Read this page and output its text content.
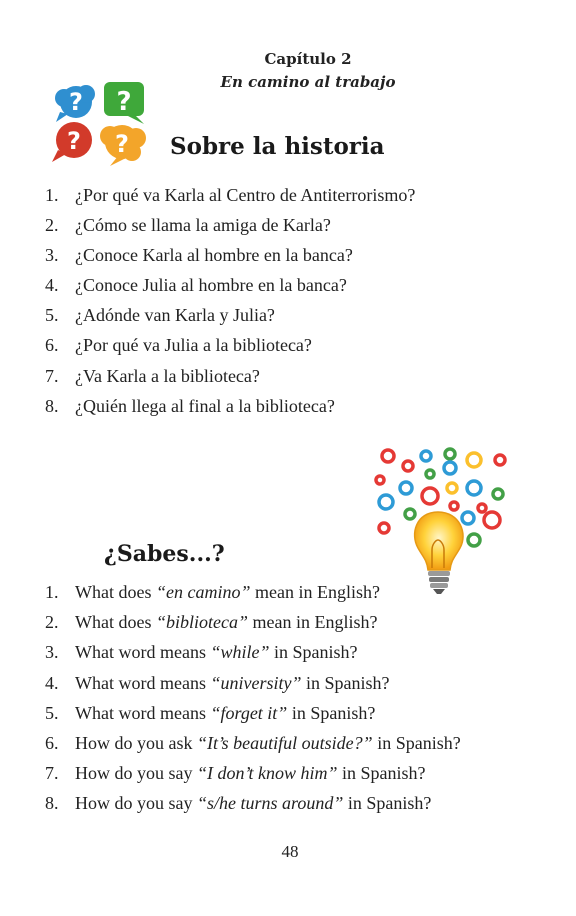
Capítulo 2
En camino al trabajo
? ?
? ? Sobre la historia
1. ¿Por qué va Karla al Centro de Antiterrorismo?
2. ¿Cómo se llama la amiga de Karla?
3. ¿Conoce Karla al hombre en la banca?
4. ¿Conoce Julia al hombre en la banca?
5. ¿Adónde van Karla y Julia?
6. ¿Por qué va Julia a la biblioteca?
7. ¿Va Karla a la biblioteca?
8. ¿Quién llega al final a la biblioteca?
¿Sabes...?
1. What does “en camino” mean in English?
2. What does “biblioteca” mean in English?
3. What word means “while” in Spanish?
4. What word means “university” in Spanish?
5. What word means “forget it” in Spanish?
6. How do you ask “It’s beautiful outside?” in Spanish?
7. How do you say “I don’t know him” in Spanish?
8. How do you say “s/he turns around” in Spanish?
48
